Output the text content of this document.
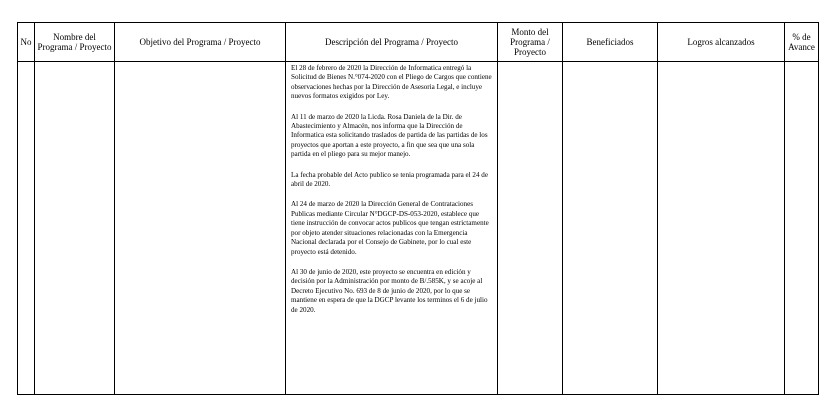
No	Nombre del Programa / Proyecto	Objetivo del Programa / Proyecto	Descripción del Programa / Proyecto	Monto del Programa / Proyecto	Beneficiados	Logros alcanzados	% de Avance

			El 28 de febrero de 2020 la Dirección de Informatica entregó la Solicitud de Bienes N.°074-2020 con el Pliego de Cargos que contiene observaciones hechas por la Dirección de Asesoria Legal, e incluye nuevos formatos exigidos por Ley.

Al 11 de marzo de 2020 la Licda. Rosa Daniela de la Dir. de Abastecimiento y Almacén, nos informa que la Dirección de Informatica esta solicitando traslados de partida de las partidas de los proyectos que aportan a este proyecto, a fin que sea que una sola partida en el pliego para su mejor manejo.

La fecha probable del Acto publico se tenia programada para el 24 de abril de 2020.

Al 24 de marzo de 2020 la Dirección General de Contrataciones Publicas mediante Circular N°DGCP-DS-053-2020, establece que tiene instrucción de convocar actos publicos que tengan estrictamente por objeto atender situaciones relacionadas con la Emergencia Nacional declarada por el Consejo de Gabinete, por lo cual este proyecto está detenido.

Al 30 de junio de 2020, este proyecto se encuentra en edición y decisión por la Administración por monto de B/.585K, y se acoje al Decreto Ejecutivo No. 693 de 8 de junio de 2020, por lo que se mantiene en espera de que la DGCP levante los terminos el 6 de julio de 2020.				
